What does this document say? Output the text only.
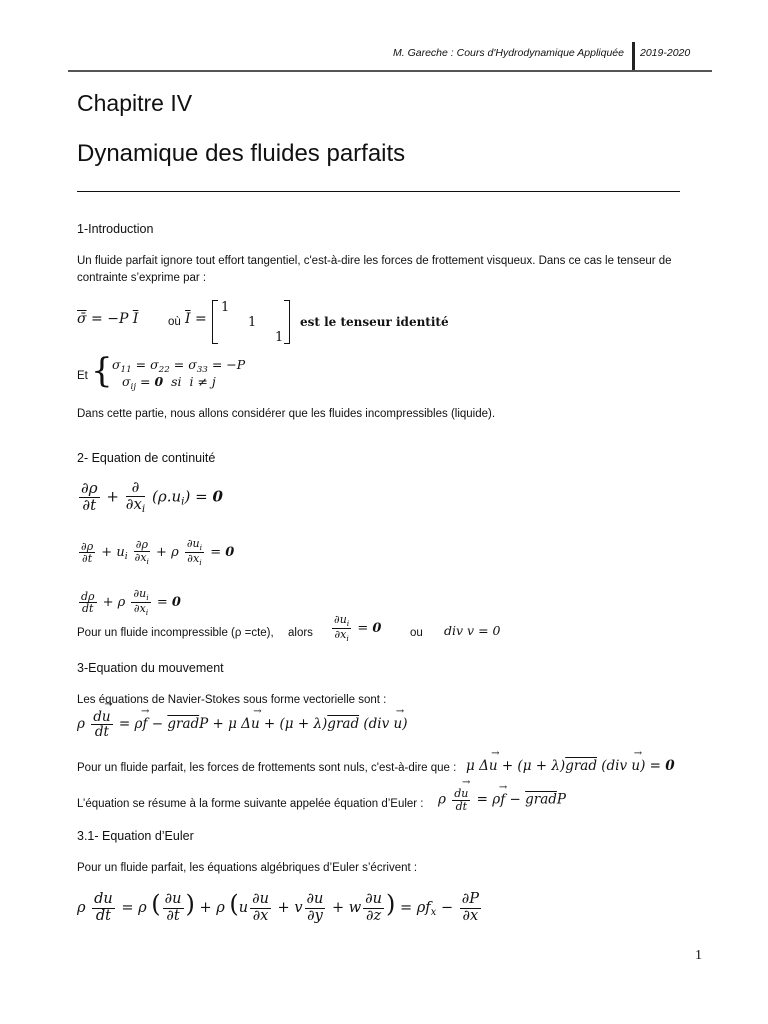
M. Gareche : Cours d'Hydrodynamique Appliquée 2019-2020
Chapitre IV
Dynamique des fluides parfaits
1-Introduction
Un fluide parfait ignore tout effort tangentiel, c'est-à-dire les forces de frottement visqueux. Dans ce cas le tenseur de
contrainte s’exprime par :
σ̄ = −P $\overline{I}$	où $\overline{I}$ =
1
1
1
est le tenseur identité
Et { $\sigma_{11} = \sigma_{22} = \sigma_{33} = -P$
$\sigma_{ij} = 0$  si  i ≠ j
Dans cette partie, nous allons considérer que les fluides incompressibles (liquide).
2- Equation de continuité
$\frac{\partial\rho}{\partial t}$ +
∂
$\partial x_i$
$(\rho.u_i) = 0$
$\frac{\partial\rho}{\partial t} + u_i \frac{\partial\rho}{\partial x_i} + \rho \frac{\partial u_i}{\partial x_i} = 0$
$\frac{d\rho}{dt} + \rho \frac{\partial u_i}{\partial x_i} = 0$
Pour un fluide incompressible (ρ =cte), alors $\frac{\partial u_i}{\partial x_i} = 0$ ou div v = 0
3-Equation du mouvement
Les équations de Navier-Stokes sous forme vectorielle sont :
ρ $\frac{du \to}{dt} = \rho f$ → − gradP + μ Δu → + (μ + λ)grad (div u →)
Pour un fluide parfait, les forces de frottements sont nuls, c'est-à-dire que : μ Δu → + (μ + λ)grad (div u →) = 0
L’équation se résume à la forme suivante appelée équation d’Euler : ρ $\frac{du \to}{dt} = \rho f$ → − gradP
3.1- Equation d’Euler
Pour un fluide parfait, les équations algébriques d’Euler s’écrivent :
ρ $\frac{du}{dt} = \rho$ ( $\frac{\partial u}{\partial t}$ ) + ρ ($u \frac{\partial u}{\partial x} + v \frac{\partial u}{\partial y} + w \frac{\partial u}{\partial z}$ ) = $\rho f_x - \frac{\partial P}{\partial x}$
1
